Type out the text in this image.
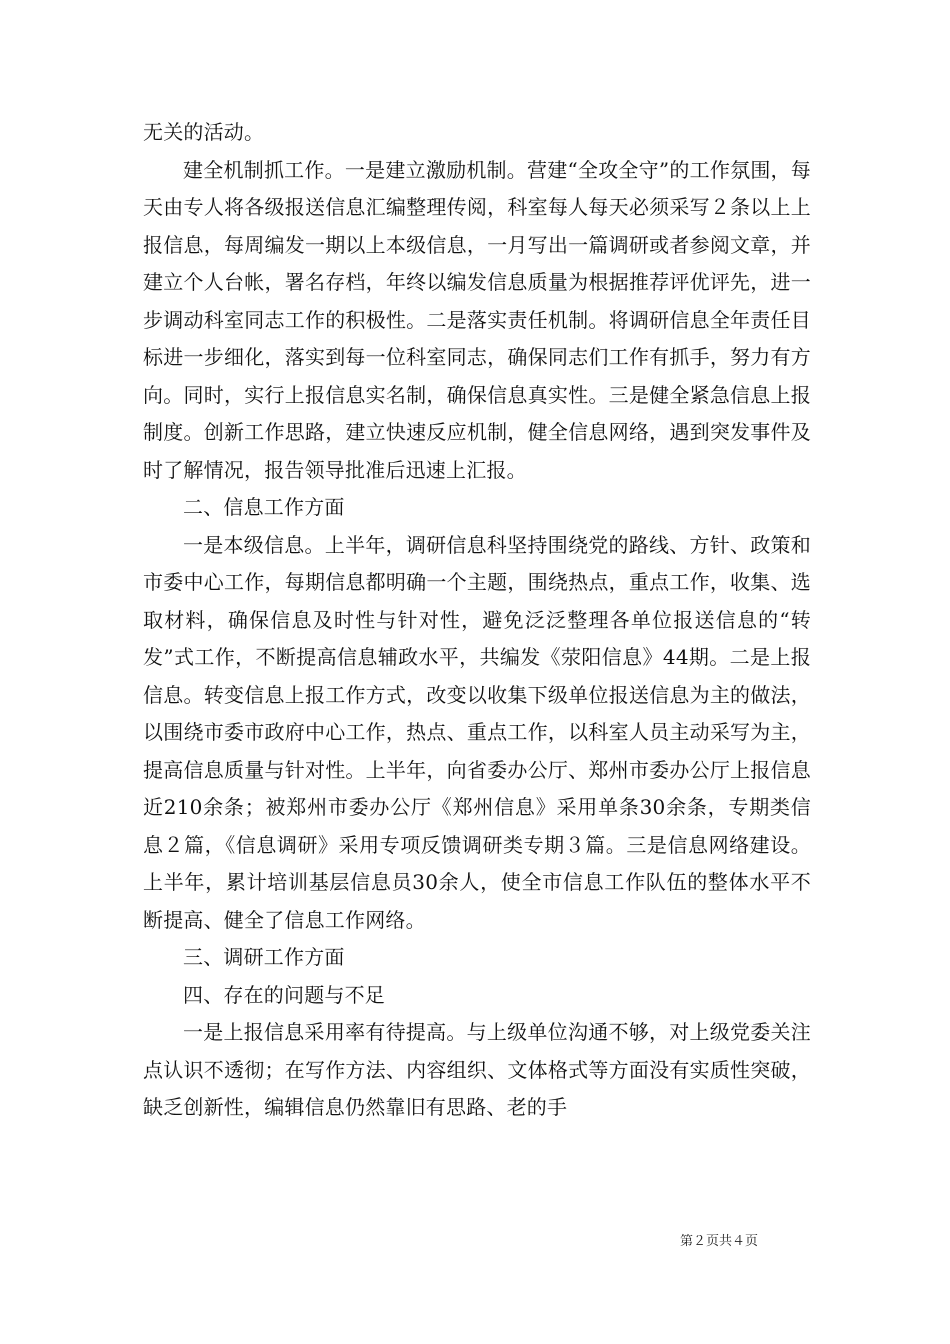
无关的活动。

建全机制抓工作。一是建立激励机制。营建“全攻全守”的工作氛围，每天由专人将各级报送信息汇编整理传阅，科室每人每天必须采写２条以上上报信息，每周编发一期以上本级信息，一月写出一篇调研或者参阅文章，并建立个人台帐，署名存档，年终以编发信息质量为根据推荐评优评先，进一步调动科室同志工作的积极性。二是落实责任机制。将调研信息全年责任目标进一步细化，落实到每一位科室同志，确保同志们工作有抓手，努力有方向。同时，实行上报信息实名制，确保信息真实性。三是健全紧急信息上报制度。创新工作思路，建立快速反应机制，健全信息网络，遇到突发事件及时了解情况，报告领导批准后迅速上汇报。

二、信息工作方面

一是本级信息。上半年，调研信息科坚持围绕党的路线、方针、政策和市委中心工作，每期信息都明确一个主题，围绕热点，重点工作，收集、选取材料，确保信息及时性与针对性，避免泛泛整理各单位报送信息的“转发”式工作，不断提高信息辅政水平，共编发《荥阳信息》44期。二是上报信息。转变信息上报工作方式，改变以收集下级单位报送信息为主的做法，以围绕市委市政府中心工作，热点、重点工作，以科室人员主动采写为主，提高信息质量与针对性。上半年，向省委办公厅、郑州市委办公厅上报信息近210余条；被郑州市委办公厅《郑州信息》采用单条30余条，专期类信息２篇，《信息调研》采用专项反馈调研类专期３篇。三是信息网络建设。上半年，累计培训基层信息员30余人，使全市信息工作队伍的整体水平不断提高、健全了信息工作网络。

三、调研工作方面

四、存在的问题与不足

一是上报信息采用率有待提高。与上级单位沟通不够，对上级党委关注点认识不透彻；在写作方法、内容组织、文体格式等方面没有实质性突破，缺乏创新性，编辑信息仍然靠旧有思路、老的手

第２页共４页
